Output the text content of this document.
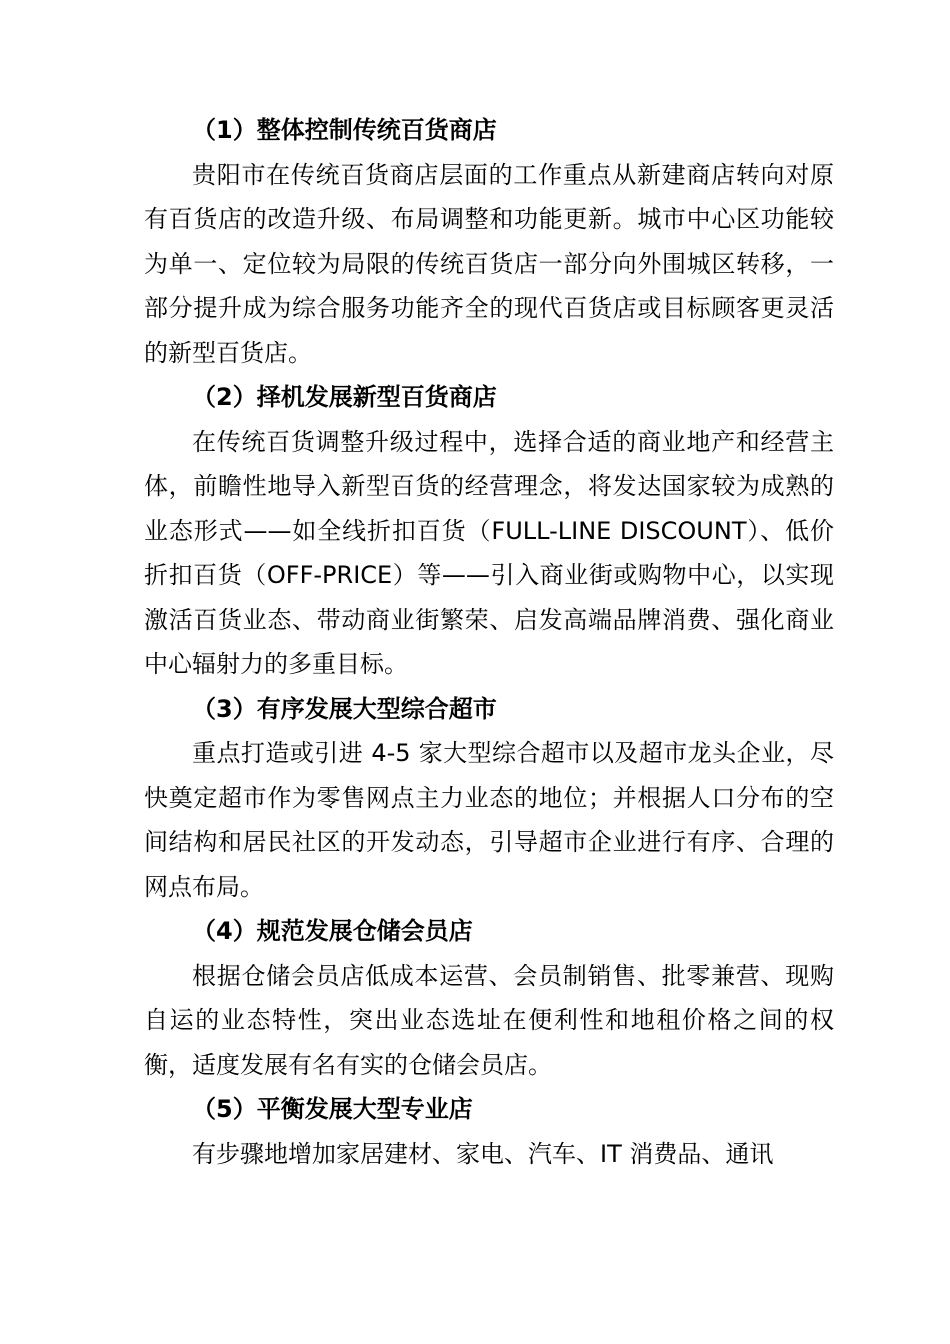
（1）整体控制传统百货商店

贵阳市在传统百货商店层面的工作重点从新建商店转向对原有百货店的改造升级、布局调整和功能更新。城市中心区功能较为单一、定位较为局限的传统百货店一部分向外围城区转移，一部分提升成为综合服务功能齐全的现代百货店或目标顾客更灵活的新型百货店。

（2）择机发展新型百货商店

在传统百货调整升级过程中，选择合适的商业地产和经营主体，前瞻性地导入新型百货的经营理念，将发达国家较为成熟的业态形式——如全线折扣百货（FULL-LINE DISCOUNT）、低价折扣百货（OFF-PRICE）等——引入商业街或购物中心，以实现激活百货业态、带动商业街繁荣、启发高端品牌消费、强化商业中心辐射力的多重目标。

（3）有序发展大型综合超市

重点打造或引进 4-5 家大型综合超市以及超市龙头企业，尽快奠定超市作为零售网点主力业态的地位；并根据人口分布的空间结构和居民社区的开发动态，引导超市企业进行有序、合理的网点布局。

（4）规范发展仓储会员店

根据仓储会员店低成本运营、会员制销售、批零兼营、现购自运的业态特性，突出业态选址在便利性和地租价格之间的权衡，适度发展有名有实的仓储会员店。

（5）平衡发展大型专业店

有步骤地增加家居建材、家电、汽车、IT 消费品、通讯
